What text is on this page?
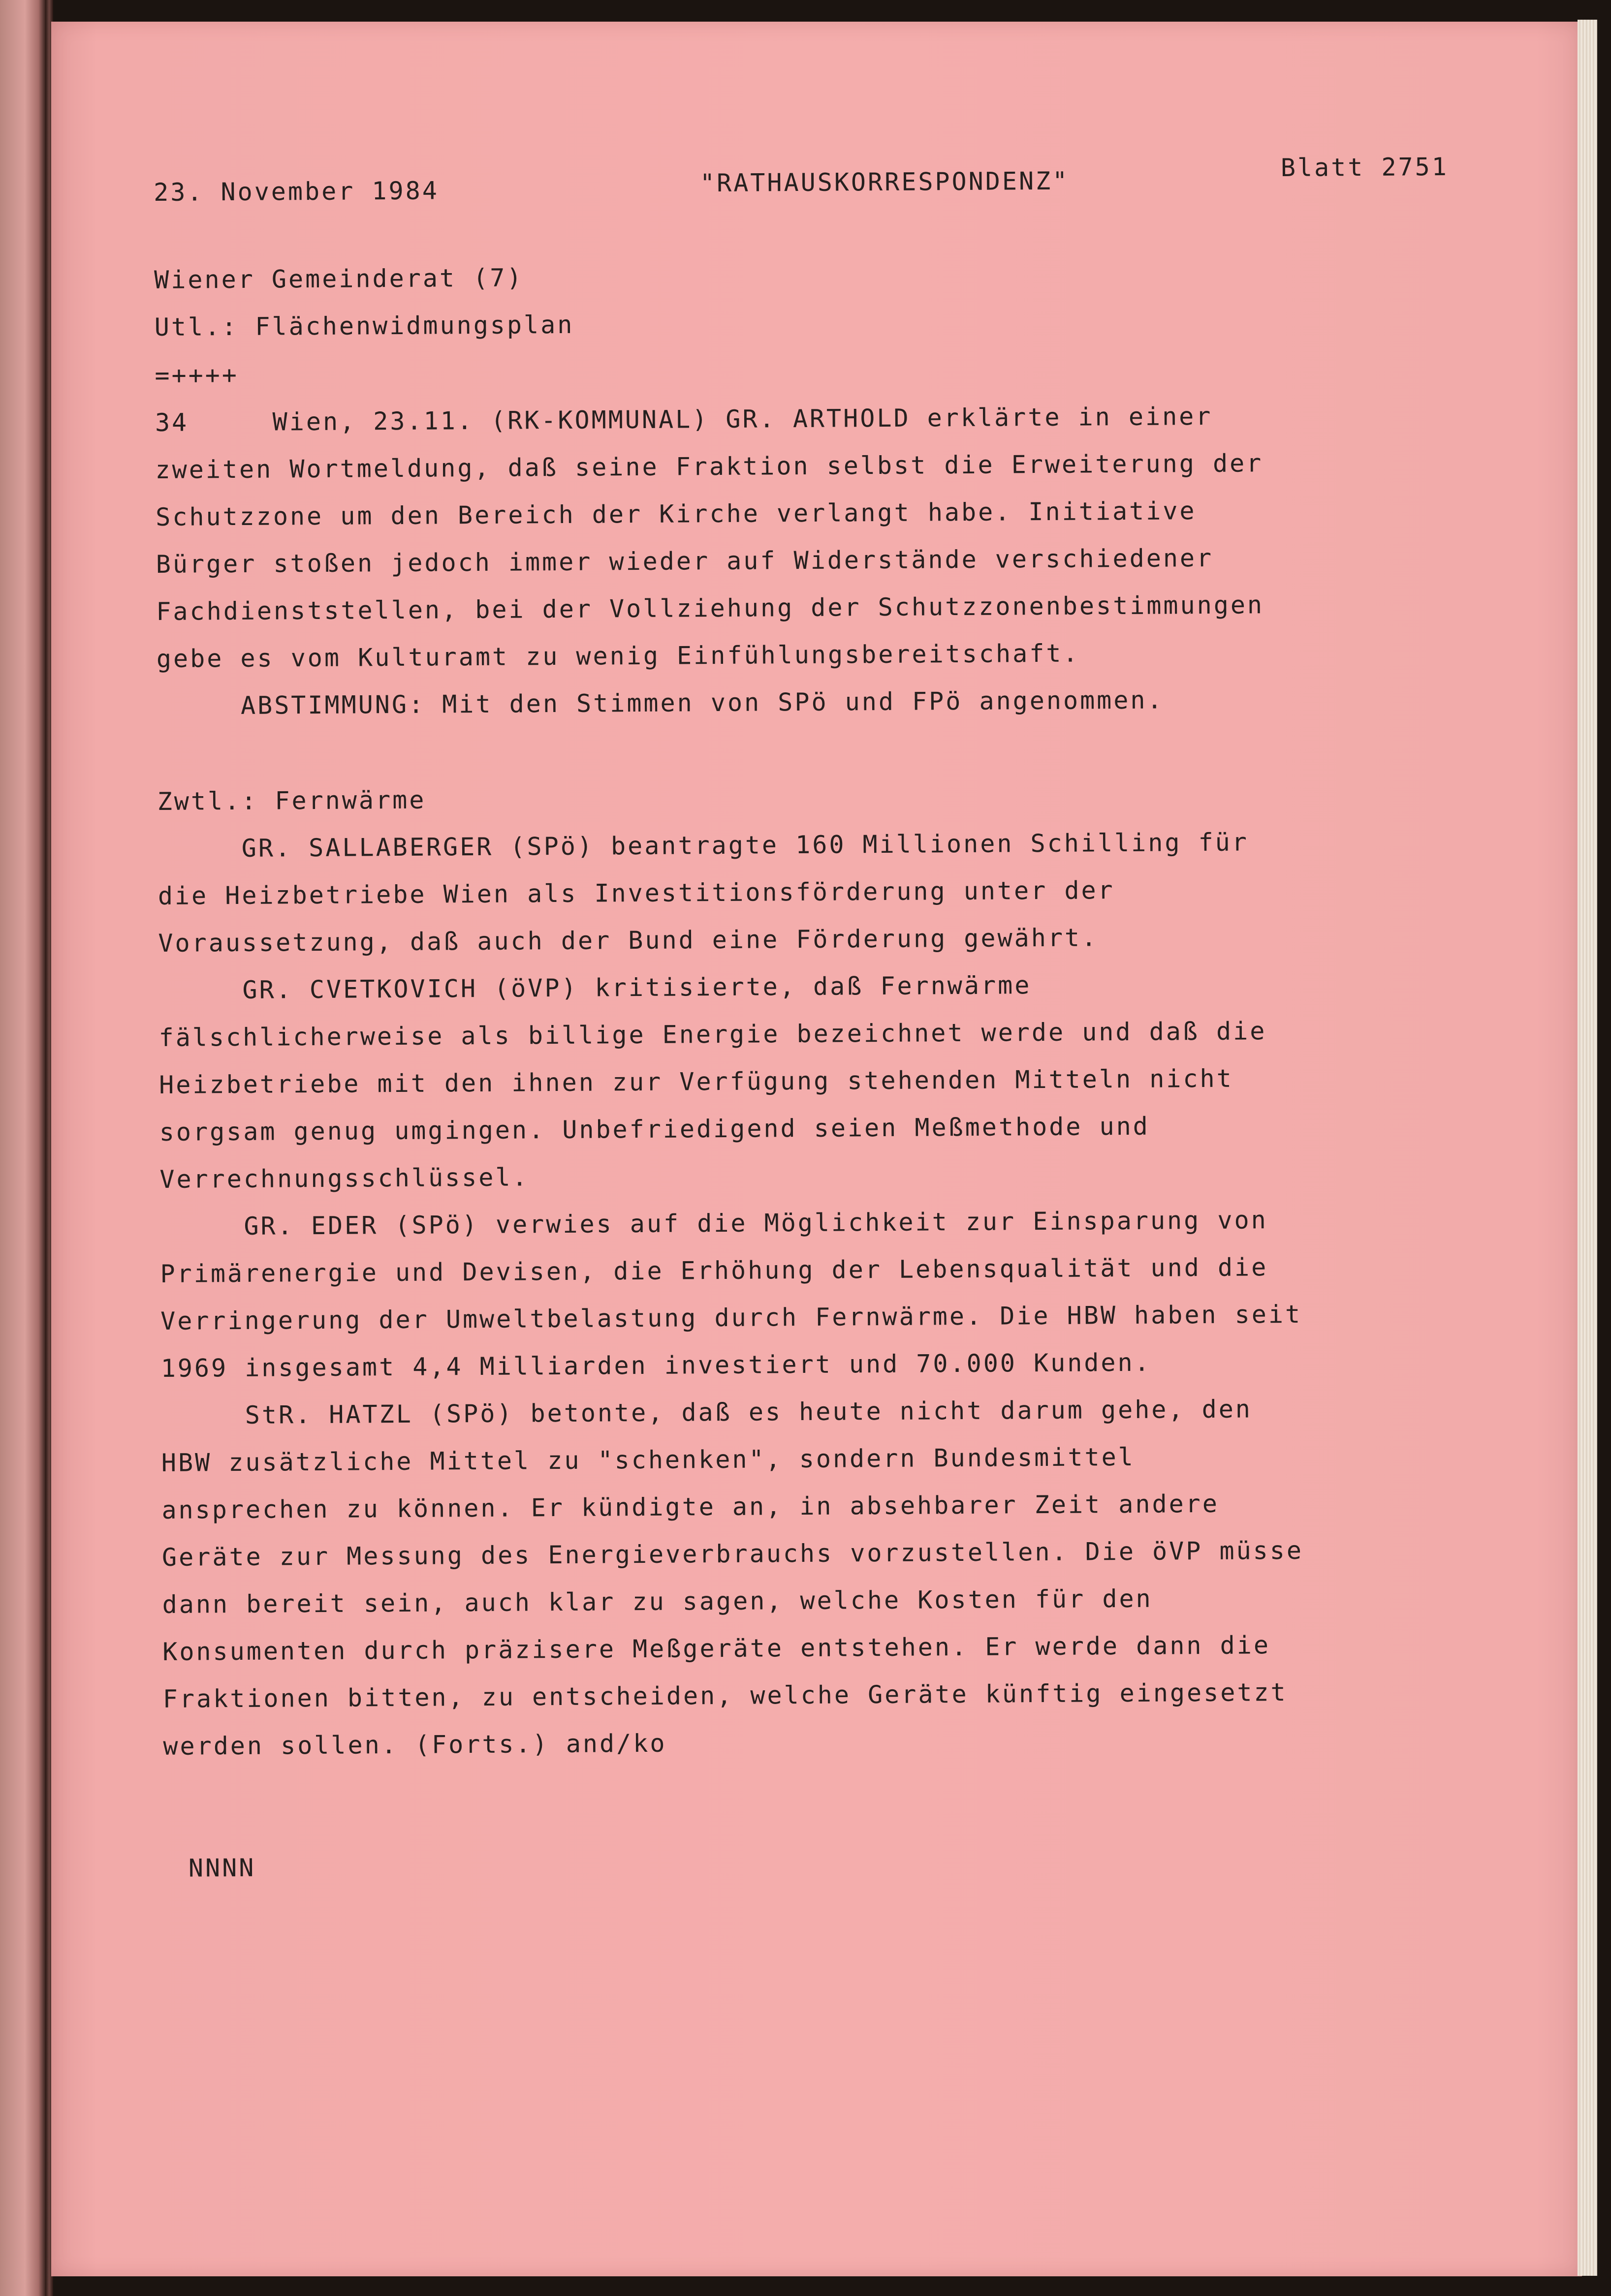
23. November 1984	"RATHAUSKORRESPONDENZ"	Blatt 2751
Wiener Gemeinderat (7)
Utl.: Flächenwidmungsplan
=++++
34     Wien, 23.11. (RK-KOMMUNAL) GR. ARTHOLD erklärte in einer
zweiten Wortmeldung, daß seine Fraktion selbst die Erweiterung der
Schutzzone um den Bereich der Kirche verlangt habe. Initiative
Bürger stoßen jedoch immer wieder auf Widerstände verschiedener
Fachdienststellen, bei der Vollziehung der Schutzzonenbestimmungen
gebe es vom Kulturamt zu wenig Einfühlungsbereitschaft.
ABSTIMMUNG: Mit den Stimmen von SPö und FPö angenommen.
Zwtl.: Fernwärme
GR. SALLABERGER (SPö) beantragte 160 Millionen Schilling für
die Heizbetriebe Wien als Investitionsförderung unter der
Voraussetzung, daß auch der Bund eine Förderung gewährt.
GR. CVETKOVICH (öVP) kritisierte, daß Fernwärme
fälschlicherweise als billige Energie bezeichnet werde und daß die
Heizbetriebe mit den ihnen zur Verfügung stehenden Mitteln nicht
sorgsam genug umgingen. Unbefriedigend seien Meßmethode und
Verrechnungsschlüssel.
GR. EDER (SPö) verwies auf die Möglichkeit zur Einsparung von
Primärenergie und Devisen, die Erhöhung der Lebensqualität und die
Verringerung der Umweltbelastung durch Fernwärme. Die HBW haben seit
1969 insgesamt 4,4 Milliarden investiert und 70.000 Kunden.
StR. HATZL (SPö) betonte, daß es heute nicht darum gehe, den
HBW zusätzliche Mittel zu "schenken", sondern Bundesmittel
ansprechen zu können. Er kündigte an, in absehbarer Zeit andere
Geräte zur Messung des Energieverbrauchs vorzustellen. Die öVP müsse
dann bereit sein, auch klar zu sagen, welche Kosten für den
Konsumenten durch präzisere Meßgeräte entstehen. Er werde dann die
Fraktionen bitten, zu entscheiden, welche Geräte künftig eingesetzt
werden sollen. (Forts.) and/ko
NNNN
